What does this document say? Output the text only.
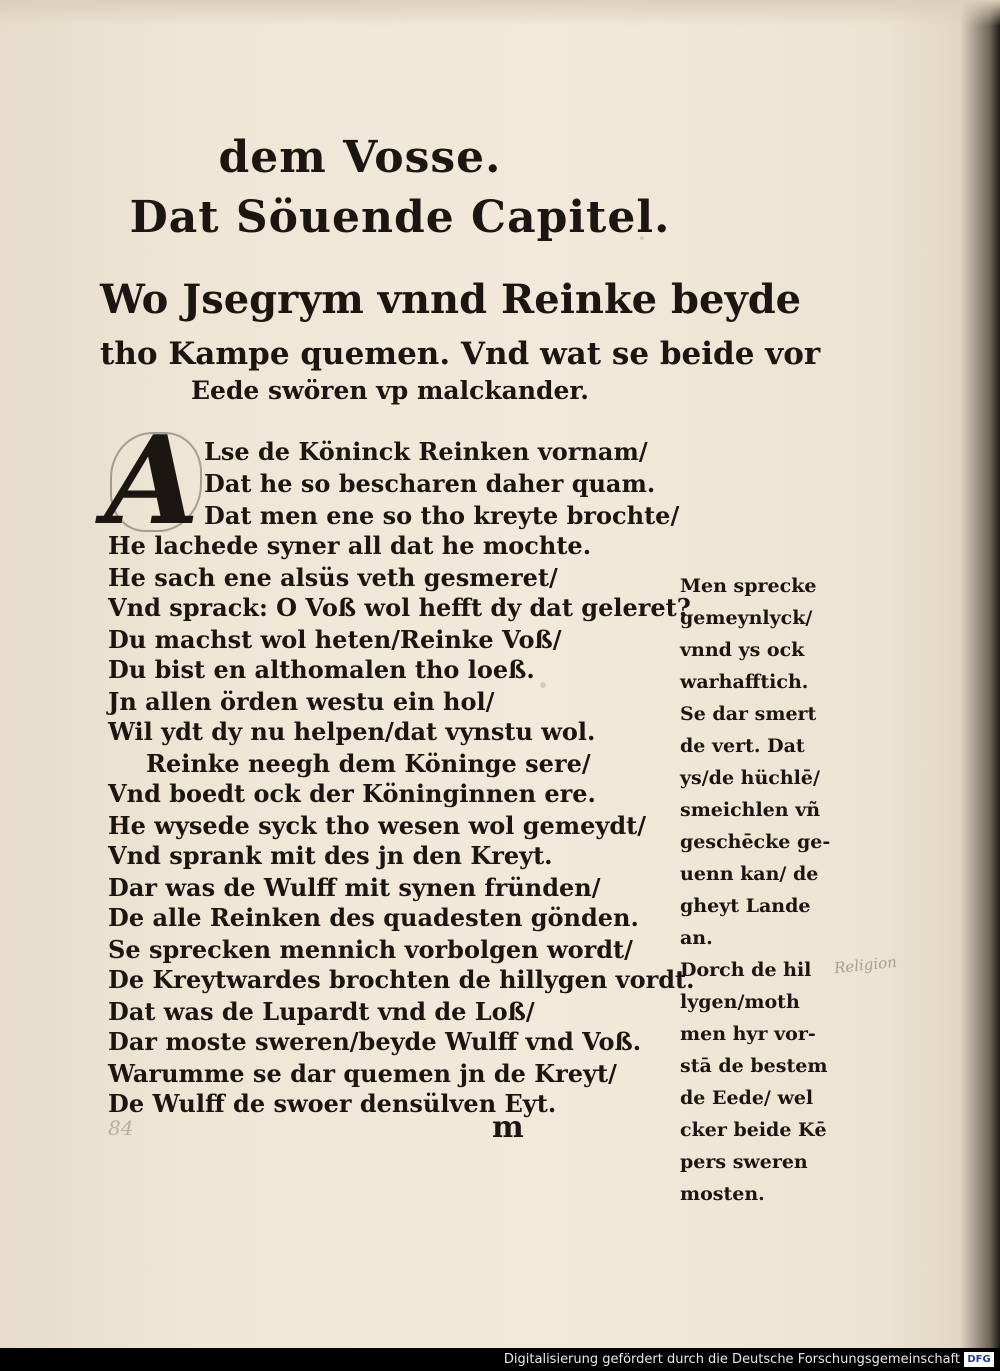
dem Vosse.
Dat Söuende Capitel.
Wo Jsegrym vnnd Reinke beyde
tho Kampe quemen. Vnd wat se beide vor
Eede swören vp malckander.
A Lse de Köninck Reinken vornam/
Dat he so bescharen daher quam.
Dat men ene so tho kreyte brochte/
He lachede syner all dat he mochte.
He sach ene alsüs veth gesmeret/
Vnd sprack: O Voß wol hefft dy dat geleret?
Du machst wol heten/Reinke Voß/
Du bist en althomalen tho loeß.
Jn allen örden westu ein hol/
Wil ydt dy nu helpen/dat vynstu wol.
Reinke neegh dem Köninge sere/
Vnd boedt ock der Köninginnen ere.
He wysede syck tho wesen wol gemeydt/
Vnd sprank mit des jn den Kreyt.
Dar was de Wulff mit synen fründen/
De alle Reinken des quadesten gönden.
Se sprecken mennich vorbolgen wordt/
De Kreytwardes brochten de hillygen vordt.
Dat was de Lupardt vnd de Loß/
Dar moste sweren/beyde Wulff vnd Voß.
Warumme se dar quemen jn de Kreyt/
De Wulff de swoer densülven Eyt.
Men sprecke
gemeynlyck/
vnnd ys ock
warhafftich.
Se dar smert
de vert. Dat
ys/de hüchlē/
smeichlen vñ
geschēcke ge-
uenn kan/ de
gheyt Lande
an.
Dorch de hil
lygen/moth
men hyr vor-
stā de bestem
de Eede/ wel
cker beide Kē
pers sweren
mosten.
Religion
84	m
Digitalisierung gefördert durch die Deutsche Forschungsgemeinschaft DFG
